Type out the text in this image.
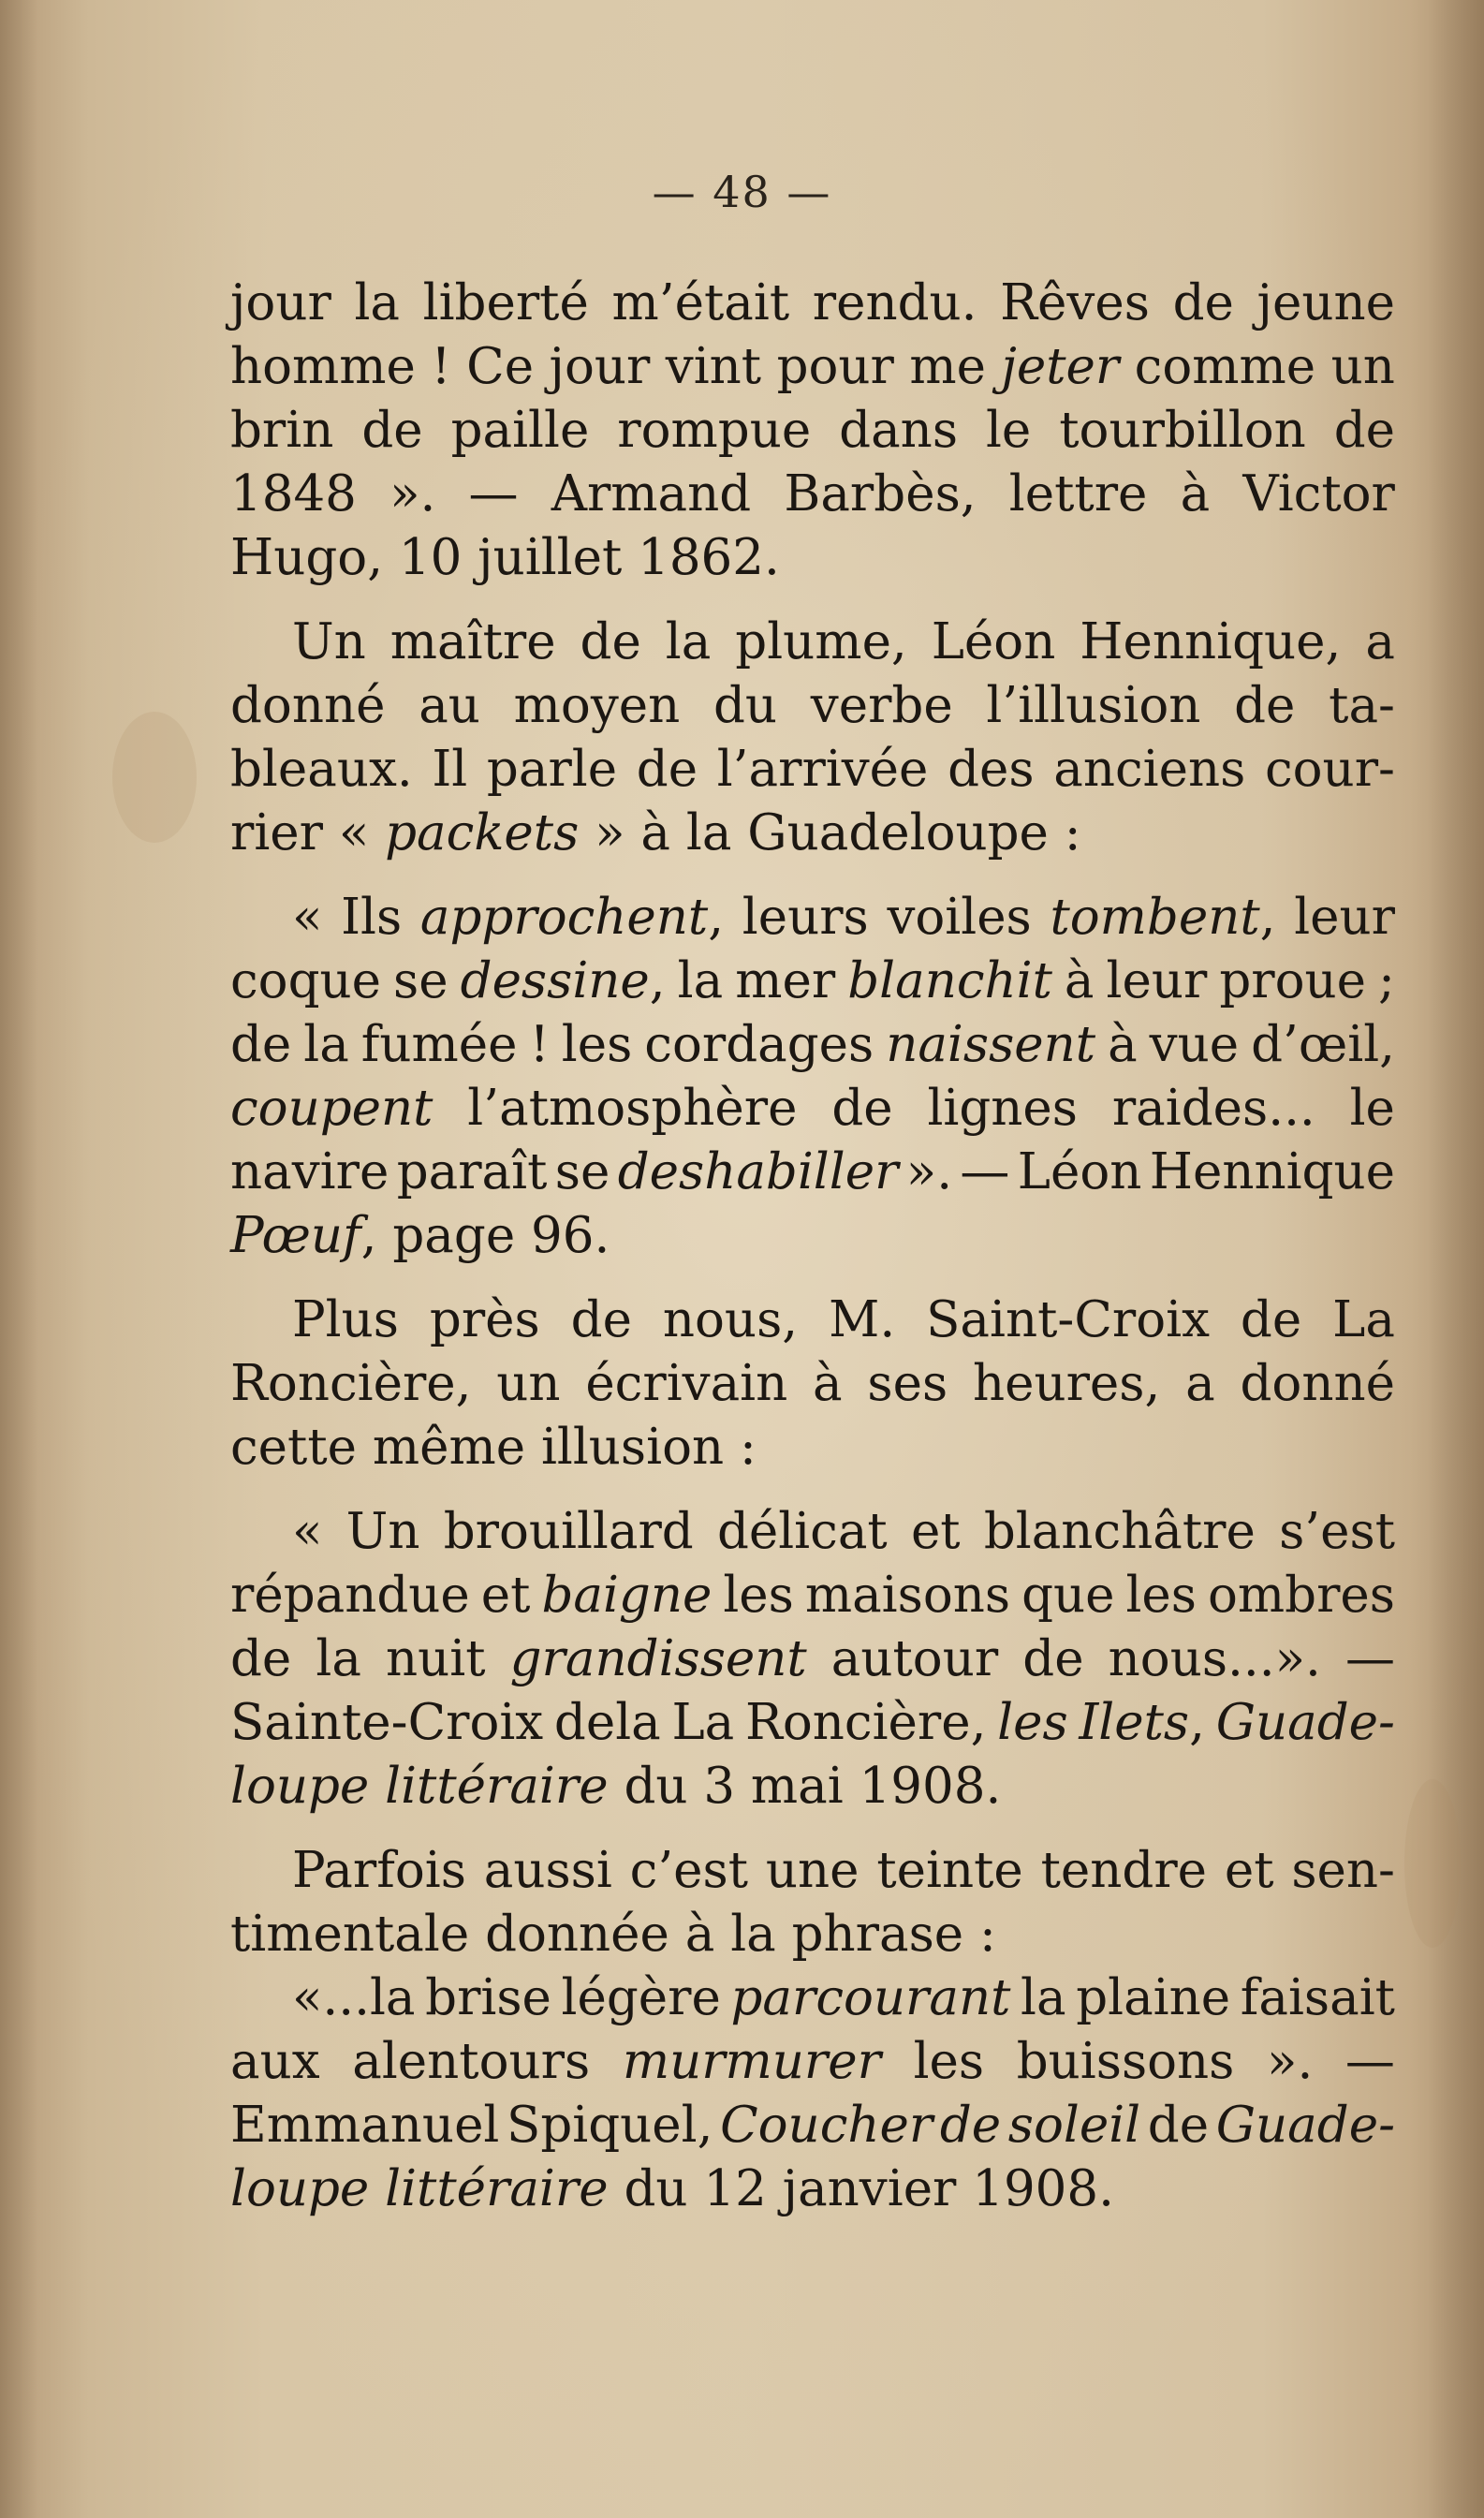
— 48 —
jour la liberté m’était rendu. Rêves de jeune
homme ! Ce jour vint pour me jeter comme un
brin de paille rompue dans le tourbillon de
1848 ». — Armand Barbès, lettre à Victor
Hugo, 10 juillet 1862.
Un maître de la plume, Léon Hennique, a
donné au moyen du verbe l’illusion de ta-
bleaux. Il parle de l’arrivée des anciens cour-
rier « packets » à la Guadeloupe :
« Ils approchent, leurs voiles tombent, leur
coque se dessine, la mer blanchit à leur proue ;
de la fumée ! les cordages naissent à vue d’œil,
coupent l’atmosphère de lignes raides... le
navire paraît se deshabiller ». — Léon Hennique
Pœuf, page 96.
Plus près de nous, M. Saint-Croix de La
Roncière, un écrivain à ses heures, a donné
cette même illusion :
« Un brouillard délicat et blanchâtre s’est
répandue et baigne les maisons que les ombres
de la nuit grandissent autour de nous...». —
Sainte-Croix dela La Roncière, les Ilets, Guade-
loupe littéraire du 3 mai 1908.
Parfois aussi c’est une teinte tendre et sen-
timentale donnée à la phrase :
«...la brise légère parcourant la plaine faisait
aux alentours murmurer les buissons ». —
Emmanuel Spiquel, Coucher de soleil de Guade-
loupe littéraire du 12 janvier 1908.
